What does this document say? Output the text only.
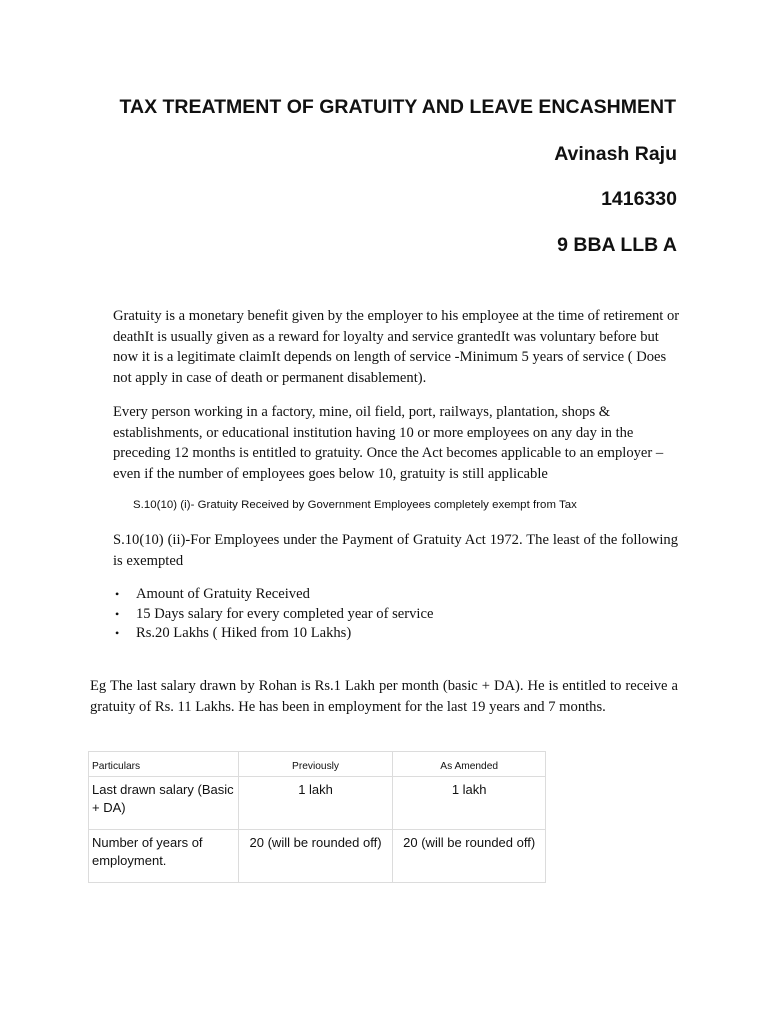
TAX TREATMENT OF GRATUITY AND LEAVE ENCASHMENT
Avinash Raju
1416330
9 BBA LLB A
Gratuity is a monetary benefit given by the employer to his employee at the time of retirement or deathIt is usually given as a reward for loyalty and service grantedIt was voluntary before but now it is a legitimate claimIt depends on length of service -Minimum 5 years of service ( Does not apply in case of death or permanent disablement).
Every person working in a factory, mine, oil field, port, railways, plantation, shops & establishments, or educational institution having 10 or more employees on any day in the preceding 12 months is entitled to gratuity. Once the Act becomes applicable to an employer – even if the number of employees goes below 10, gratuity is still applicable
S.10(10) (i)- Gratuity Received by Government Employees completely exempt from Tax
S.10(10) (ii)-For Employees under the Payment of Gratuity Act 1972. The least of the following is exempted
• Amount of Gratuity Received
• 15 Days salary for every completed year of service
• Rs.20 Lakhs ( Hiked from 10 Lakhs)
Eg The last salary drawn by Rohan is Rs.1 Lakh per month (basic + DA). He is entitled to receive a gratuity of Rs. 11 Lakhs. He has been in employment for the last 19 years and 7 months.
Particulars	Previously	As Amended
Last drawn salary (Basic + DA)	1 lakh	1 lakh
Number of years of employment.	20 (will be rounded off)	20 (will be rounded off)
